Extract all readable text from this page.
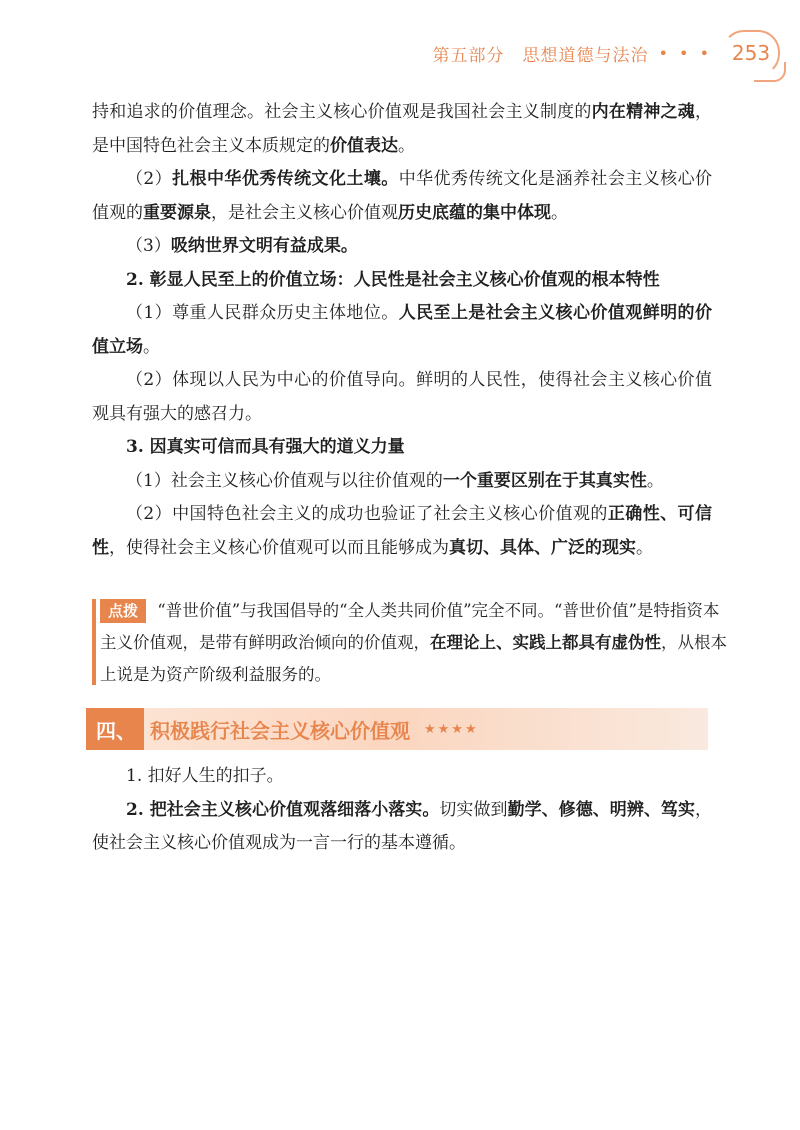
第五部分　思想道德与法治 • • • 253

持和追求的价值理念。社会主义核心价值观是我国社会主义制度的内在精神之魂，是中国特色社会主义本质规定的价值表达。

（2）扎根中华优秀传统文化土壤。中华优秀传统文化是涵养社会主义核心价值观的重要源泉，是社会主义核心价值观历史底蕴的集中体现。

（3）吸纳世界文明有益成果。

2. 彰显人民至上的价值立场：人民性是社会主义核心价值观的根本特性

（1）尊重人民群众历史主体地位。人民至上是社会主义核心价值观鲜明的价值立场。

（2）体现以人民为中心的价值导向。鲜明的人民性，使得社会主义核心价值观具有强大的感召力。

3. 因真实可信而具有强大的道义力量

（1）社会主义核心价值观与以往价值观的一个重要区别在于其真实性。

（2）中国特色社会主义的成功也验证了社会主义核心价值观的正确性、可信性，使得社会主义核心价值观可以而且能够成为真切、具体、广泛的现实。

点拨 “普世价值”与我国倡导的“全人类共同价值”完全不同。“普世价值”是特指资本主义价值观，是带有鲜明政治倾向的价值观，在理论上、实践上都具有虚伪性，从根本上说是为资产阶级利益服务的。
四、 积极践行社会主义核心价值观 ★★★★

1. 扣好人生的扣子。

2. 把社会主义核心价值观落细落小落实。切实做到勤学、修德、明辨、笃实，使社会主义核心价值观成为一言一行的基本遵循。
